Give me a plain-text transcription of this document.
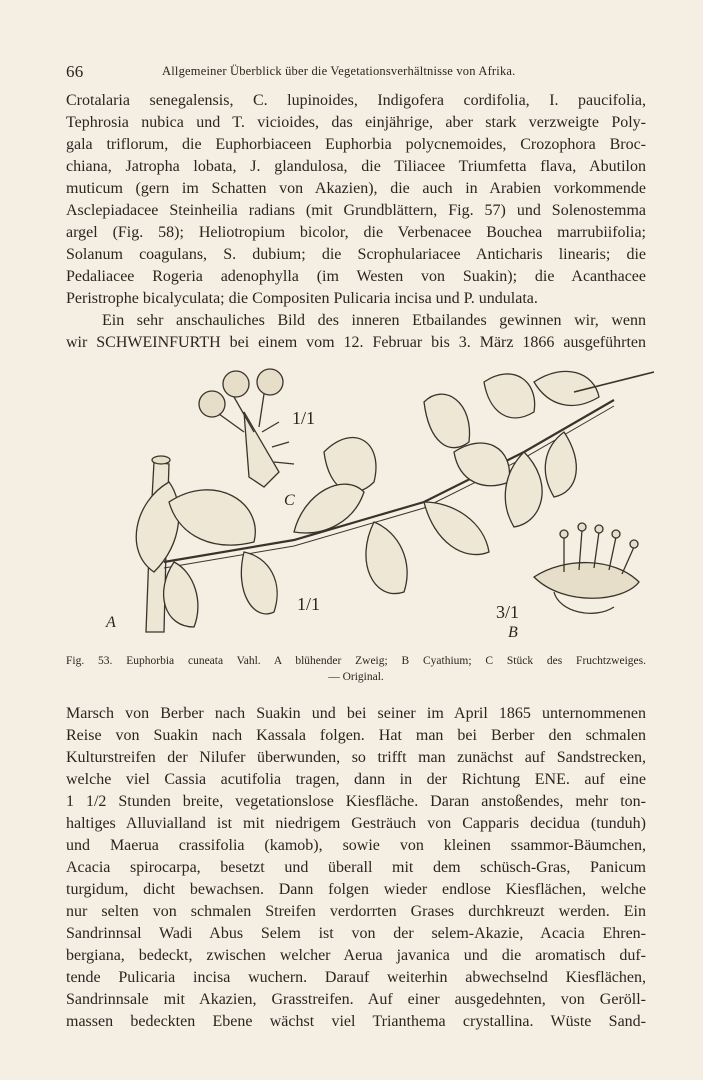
66	Allgemeiner Überblick über die Vegetationsverhältnisse von Afrika.
Crotalaria senegalensis, C. lupinoides, Indigofera cordifolia, I. paucifolia,
Tephrosia nubica und T. vicioides, das einjährige, aber stark verzweigte Poly-
gala triflorum, die Euphorbiaceen Euphorbia polycnemoides, Crozophora Broc-
chiana, Jatropha lobata, J. glandulosa, die Tiliacee Triumfetta flava, Abutilon
muticum (gern im Schatten von Akazien), die auch in Arabien vorkommende
Asclepiadacee Steinheilia radians (mit Grundblättern, Fig. 57) und Solenostemma
argel (Fig. 58); Heliotropium bicolor, die Verbenacee Bouchea marrubiifolia;
Solanum coagulans, S. dubium; die Scrophulariacee Anticharis linearis; die
Pedaliacee Rogeria adenophylla (im Westen von Suakin); die Acanthacee
Peristrophe bicalyculata; die Compositen Pulicaria incisa und P. undulata.
Ein sehr anschauliches Bild des inneren Etbailandes gewinnen wir, wenn
wir SCHWEINFURTH bei einem vom 12. Februar bis 3. März 1866 ausgeführten
A
B
C
1/1
1/1	3/1
Fig. 53. Euphorbia cuneata Vahl. A blühender Zweig; B Cyathium; C Stück des Fruchtzweiges.
— Original.
Marsch von Berber nach Suakin und bei seiner im April 1865 unternommenen
Reise von Suakin nach Kassala folgen. Hat man bei Berber den schmalen
Kulturstreifen der Nilufer überwunden, so trifft man zunächst auf Sandstrecken,
welche viel Cassia acutifolia tragen, dann in der Richtung ENE. auf eine
1 1/2 Stunden breite, vegetationslose Kiesfläche. Daran anstoßendes, mehr ton-
haltiges Alluvialland ist mit niedrigem Gesträuch von Capparis decidua (tunduh)
und Maerua crassifolia (kamob), sowie von kleinen ssammor-Bäumchen,
Acacia spirocarpa, besetzt und überall mit dem schüsch-Gras, Panicum
turgidum, dicht bewachsen. Dann folgen wieder endlose Kiesflächen, welche
nur selten von schmalen Streifen verdorrten Grases durchkreuzt werden. Ein
Sandrinnsal Wadi Abus Selem ist von der selem-Akazie, Acacia Ehren-
bergiana, bedeckt, zwischen welcher Aerua javanica und die aromatisch duf-
tende Pulicaria incisa wuchern. Darauf weiterhin abwechselnd Kiesflächen,
Sandrinnsale mit Akazien, Grasstreifen. Auf einer ausgedehnten, von Geröll-
massen bedeckten Ebene wächst viel Trianthema crystallina. Wüste Sand-
